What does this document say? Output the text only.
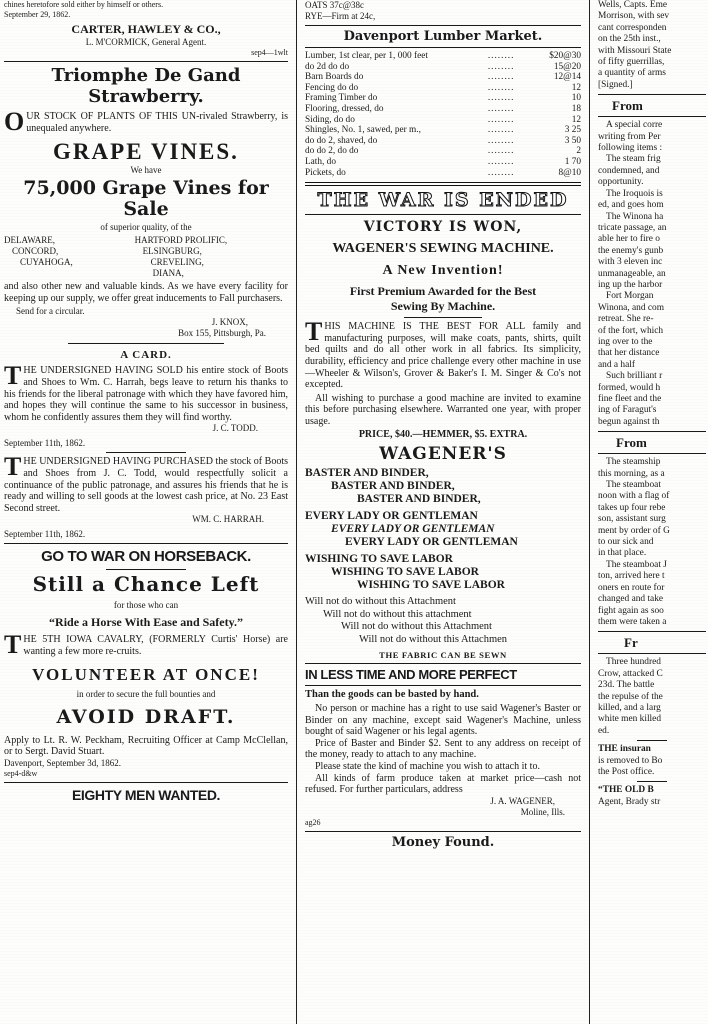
chines heretofore sold either by himself or others.
September 29, 1862.
CARTER, HAWLEY & CO.,
L. M'CORMICK, General Agent.
sep4—1wlt
Triomphe De Gand Strawberry.
OUR STOCK OF PLANTS OF THIS UN-rivaled Strawberry, is unequaled anywhere.
GRAPE VINES.
We have
75,000 Grape Vines for Sale
of superior quality, of the
DELAWARE,	HARTFORD PROLIFIC,
CONCORD,	ELSINGBURG,
CUYAHOGA,	CREVELING,
DIANA,
and also other new and valuable kinds. As we have every facility for keeping up our supply, we offer great inducements to Fall purchasers.
Send for a circular.
J. KNOX,
Box 155, Pittsburgh, Pa.
A CARD.
THE UNDERSIGNED HAVING SOLD his entire stock of Boots and Shoes to Wm. C. Harrah, begs leave to return his thanks to his friends for the liberal patronage with which they have favored him, and hopes they will continue the same to his successor in business, whom he confidently assures them they will find worthy.
J. C. TODD.
September 11th, 1862.
THE UNDERSIGNED HAVING PURCHASED the stock of Boots and Shoes from J. C. Todd, would respectfully solicit a continuance of the public patronage, and assures his friends that he is ready and willing to sell goods at the lowest cash price, at No. 23 East Second street.
WM. C. HARRAH.
September 11th, 1862.
GO TO WAR ON HORSEBACK.
Still a Chance Left
for those who can
“Ride a Horse With Ease and Safety.”
THE 5TH IOWA CAVALRY, (FORMERLY Curtis' Horse) are wanting a few more re-cruits.
VOLUNTEER AT ONCE!
in order to secure the full bounties and
AVOID DRAFT.
Apply to Lt. R. W. Peckham, Recruiting Officer at Camp McClellan, or to Sergt. David Stuart.
Davenport, September 3d, 1862.
sep4-d&w
EIGHTY MEN WANTED.
OATS 37c@38c
RYE—Firm at 24c,
Davenport Lumber Market.
Lumber, 1st clear, per 1, 000 feet	........	$20@30
do 2d do do	........	15@20
Barn Boards do	........	12@14
Fencing do do	........	12
Framing Timber do	........	10
Flooring, dressed, do	........	18
Siding, do do	........	12
Shingles, No. 1, sawed, per m.,	........	3 25
do do 2, shaved, do	........	3 50
do do 2, do do	........	2
Lath, do	........	1 70
Pickets, do	........	8@10
THE WAR IS ENDED
VICTORY IS WON,
WAGENER'S SEWING MACHINE.
A New Invention!
First Premium Awarded for the Best
Sewing By Machine.
THIS MACHINE IS THE BEST FOR ALL family and manufacturing purposes, will make coats, pants, shirts, quilt bed quilts and do all other work in all fabrics. Its simplicity, durability, efficiency and price challenge every other machine in use—Wheeler & Wilson's, Grover & Baker's I. M. Singer & Co's not excepted.
All wishing to purchase a good machine are invited to examine this before purchasing elsewhere. Warranted one year, with proper usage.
PRICE, $40.—HEMMER, $5. EXTRA.
WAGENER'S
BASTER AND BINDER,
BASTER AND BINDER,
BASTER AND BINDER,
EVERY LADY OR GENTLEMAN
EVERY LADY OR GENTLEMAN
EVERY LADY OR GENTLEMAN
WISHING TO SAVE LABOR
WISHING TO SAVE LABOR
WISHING TO SAVE LABOR
Will not do without this Attachment
Will not do without this attachment
Will not do without this Attachment
Will not do without this Attachmen
THE FABRIC CAN BE SEWN
IN LESS TIME AND MORE PERFECT
Than the goods can be basted by hand.
No person or machine has a right to use said Wagener's Baster or Binder on any machine, except said Wagener's Machine, unless bought of said Wagener or his legal agents.
Price of Baster and Binder $2. Sent to any address on receipt of the money, ready to attach to any machine.
Please state the kind of machine you wish to attach it to.
All kinds of farm produce taken at market price—cash not refused. For further particulars, address
J. A. WAGENER,
Moline, Ills.
ag26
Money Found.
Wells, Capts. Eme
Morrison, with sev
cant corresponden
on the 25th inst.,
with Missouri State
of fifty guerrillas,
a quantity of arms
[Signed.]
From
A special corre
writing from Per
following items :
The steam frig
condemned, and
opportunity.
The Iroquois is
ed, and goes hom
The Winona ha
tricate passage, an
able her to fire o
the enemy's gunb
with 3 eleven inc
unmanageable, an
ing up the harbor
Fort Morgan
Winona, and com
retreat. She re-
of the fort, which
ing over to the
that her distance
and a half
Such brilliant r
formed, would h
fine fleet and the
ing of Faragut's
begun against th
From
The steamship
this morning, as a
The steamboat
noon with a flag of
takes up four rebe
son, assistant surg
ment by order of G
to our sick and
in that place.
The steamboat J
ton, arrived here t
oners en route for
changed and take
fight again as soo
them were taken a
Fr
Three hundred
Crow, attacked C
23d. The battle
the repulse of the
killed, and a larg
white men killed
ed.
THE insuran
is removed to Bo
the Post office.
“THE OLD B
Agent, Brady str
